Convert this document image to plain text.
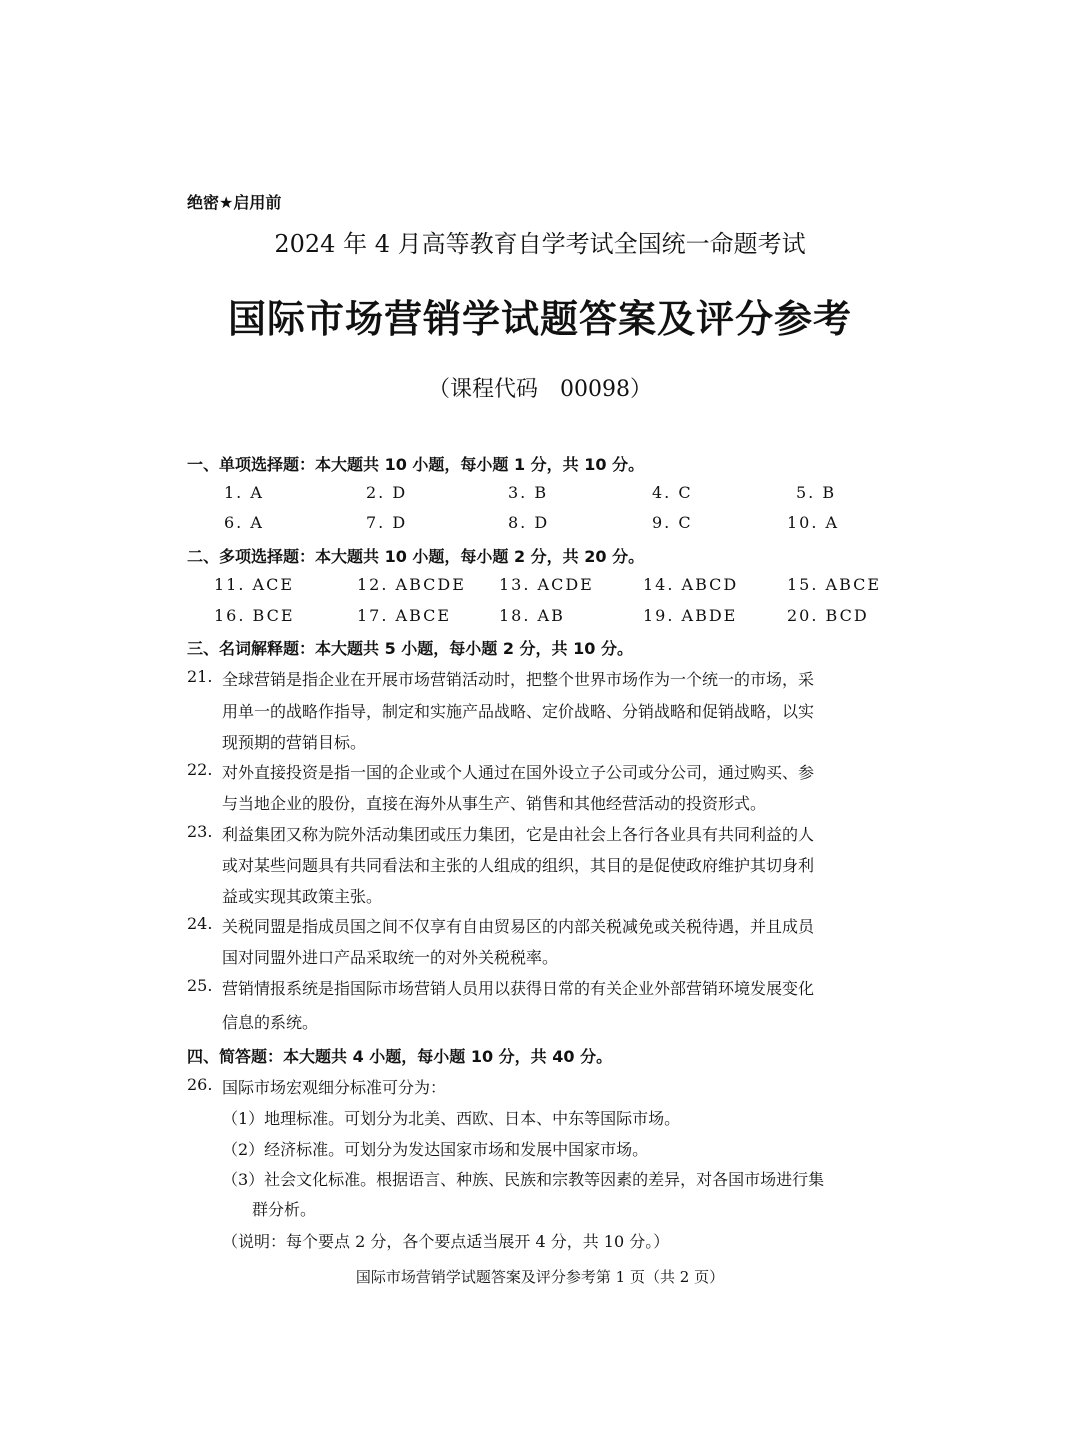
绝密★启用前
2024 年 4 月高等教育自学考试全国统一命题考试
国际市场营销学试题答案及评分参考
（课程代码　00098）
一、单项选择题：本大题共 10 小题，每小题 1 分，共 10 分。
1. A	2. D	3. B	4. C	5. B
6. A	7. D	8. D	9. C	10. A
二、多项选择题：本大题共 10 小题，每小题 2 分，共 20 分。
11. ACE	12. ABCDE 13. ACDE	14. ABCD	15. ABCE
16. BCE	17. ABCE	18. AB	19. ABDE	20. BCD
三、名词解释题：本大题共 5 小题，每小题 2 分，共 10 分。
21. 全球营销是指企业在开展市场营销活动时，把整个世界市场作为一个统一的市场，采
用单一的战略作指导，制定和实施产品战略、定价战略、分销战略和促销战略，以实
现预期的营销目标。
22. 对外直接投资是指一国的企业或个人通过在国外设立子公司或分公司，通过购买、参
与当地企业的股份，直接在海外从事生产、销售和其他经营活动的投资形式。
23. 利益集团又称为院外活动集团或压力集团，它是由社会上各行各业具有共同利益的人
或对某些问题具有共同看法和主张的人组成的组织，其目的是促使政府维护其切身利
益或实现其政策主张。
24. 关税同盟是指成员国之间不仅享有自由贸易区的内部关税减免或关税待遇，并且成员
国对同盟外进口产品采取统一的对外关税税率。
25. 营销情报系统是指国际市场营销人员用以获得日常的有关企业外部营销环境发展变化
信息的系统。
四、简答题：本大题共 4 小题，每小题 10 分，共 40 分。
26. 国际市场宏观细分标准可分为：
（1）地理标准。可划分为北美、西欧、日本、中东等国际市场。
（2）经济标准。可划分为发达国家市场和发展中国家市场。
（3）社会文化标准。根据语言、种族、民族和宗教等因素的差异，对各国市场进行集
群分析。
（说明：每个要点 2 分，各个要点适当展开 4 分，共 10 分。）
国际市场营销学试题答案及评分参考第 1 页（共 2 页）
